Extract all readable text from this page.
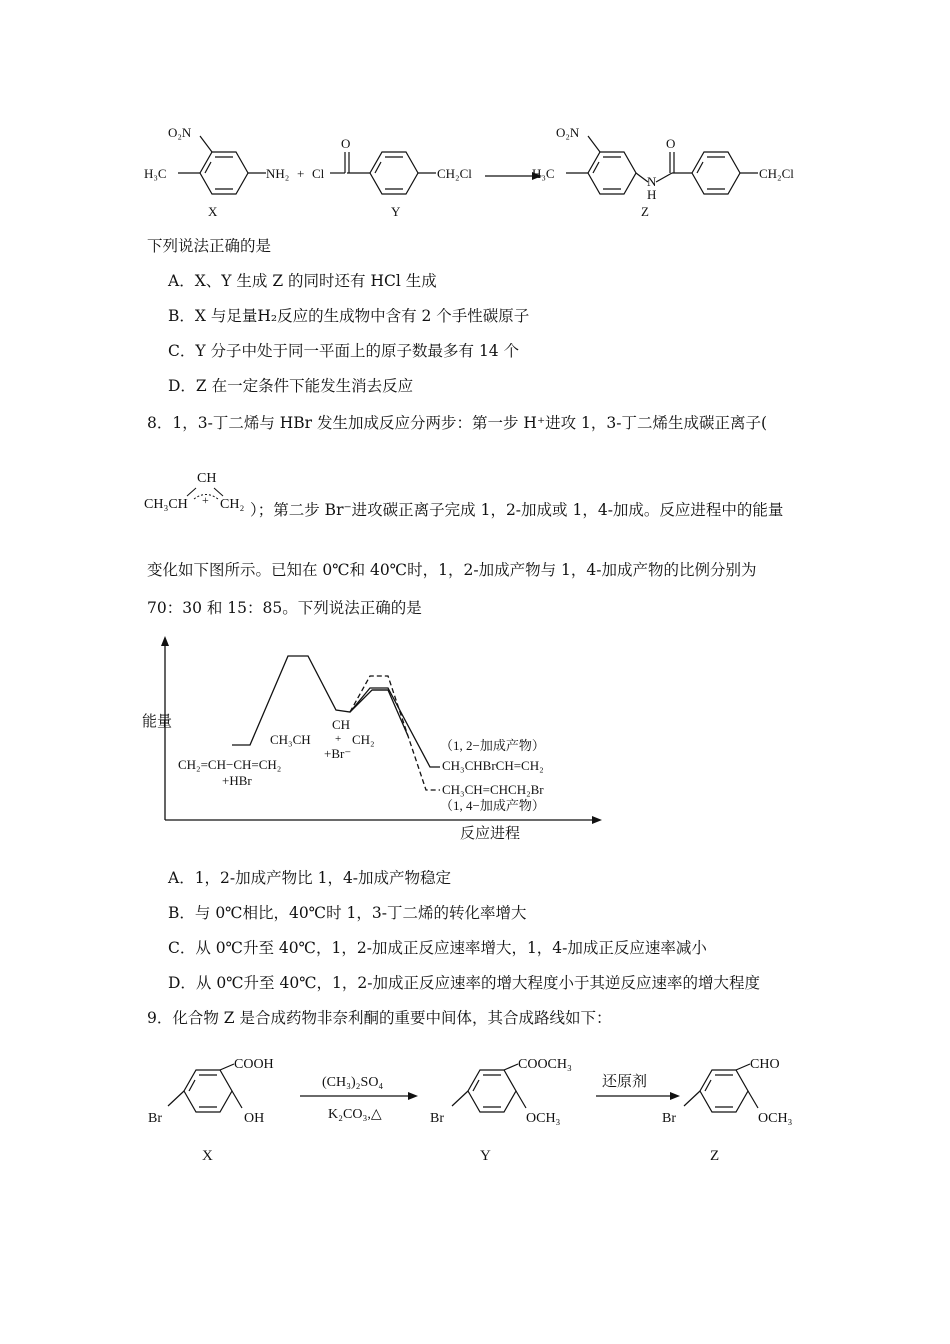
O₂N
H₃C	NH₂
X
+ Cl
O
CH₂Cl
Y
O₂N
H₃C
N
H
O
CH₂Cl
Z
下列说法正确的是
A．X、Y 生成 Z 的同时还有 HCl 生成
B．X 与足量H₂反应的生成物中含有 2 个手性碳原子
C．Y 分子中处于同一平面上的原子数最多有 14 个
D．Z 在一定条件下能发生消去反应
8．1，3-丁二烯与 HBr 发生加成反应分两步：第一步 H⁺进攻 1，3-丁二烯生成碳正离子(
CH
CH₃CH + CH₂ ）；第二步 Br⁻进攻碳正离子完成 1，2-加成或 1，4-加成。反应进程中的能量
变化如下图所示。已知在 0℃和 40℃时，1，2-加成产物与 1，4-加成产物的比例分别为
70：30 和 15：85。下列说法正确的是
能量
反应进程
CH₂=CH−CH=CH₂
+HBr
CH
CH₃CH + CH₂
+Br⁻
（1, 2−加成产物）
CH₃CHBrCH=CH₂
CH₃CH=CHCH₂Br
（1, 4−加成产物）
A．1，2-加成产物比 1，4-加成产物稳定
B．与 0℃相比，40℃时 1，3-丁二烯的转化率增大
C．从 0℃升至 40℃，1，2-加成正反应速率增大，1，4-加成正反应速率减小
D．从 0℃升至 40℃，1，2-加成正反应速率的增大程度小于其逆反应速率的增大程度
9．化合物 Z 是合成药物非奈利酮的重要中间体，其合成路线如下：
COOH
OH
Br
X
(CH₃)₂SO₄
K₂CO₃,△
COOCH₃
OCH₃
Br
Y
还原剂
CHO
OCH₃
Br
Z
